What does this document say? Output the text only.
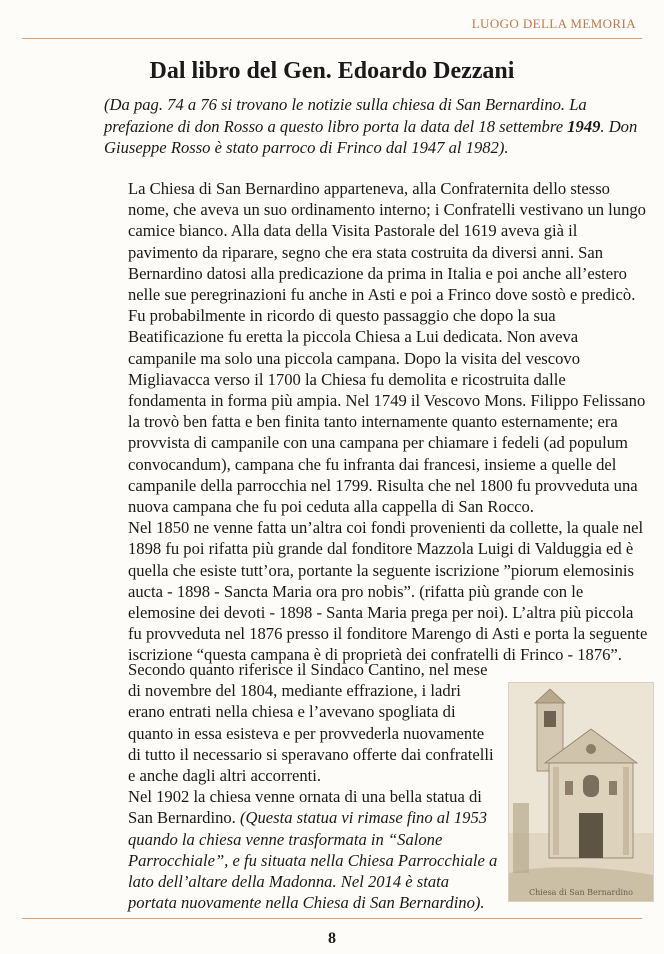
LUOGO DELLA MEMORIA
Dal libro del Gen. Edoardo Dezzani

(Da pag. 74 a 76 si trovano le notizie sulla chiesa di San Bernardino. La prefazione di don Rosso a questo libro porta la data del 18 settembre 1949. Don Giuseppe Rosso è stato parroco di Frinco dal 1947 al 1982).

La Chiesa di San Bernardino apparteneva, alla Confraternita dello stesso nome, che aveva un suo ordinamento interno; i Confratelli vestivano un lungo camice bianco. Alla data della Visita Pastorale del 1619 aveva già il pavimento da riparare, segno che era stata costruita da diversi anni. San Bernardino datosi alla predicazione da prima in Italia e poi anche all’estero nelle sue peregrinazioni fu anche in Asti e poi a Frinco dove sostò e predicò. Fu probabilmente in ricordo di questo passaggio che dopo la sua Beatificazione fu eretta la piccola Chiesa a Lui dedicata. Non aveva campanile ma solo una piccola campana. Dopo la visita del vescovo Migliavacca verso il 1700 la Chiesa fu demolita e ricostruita dalle fondamenta in forma più ampia. Nel 1749 il Vescovo Mons. Filippo Felissano la trovò ben fatta e ben finita tanto internamente quanto esternamente; era provvista di campanile con una campana per chiamare i fedeli (ad populum convocandum), campana che fu infranta dai francesi, insieme a quelle del campanile della parrocchia nel 1799. Risulta che nel 1800 fu provveduta una nuova campana che fu poi ceduta alla cappella di San Rocco.

Nel 1850 ne venne fatta un’altra coi fondi provenienti da collette, la quale nel 1898 fu poi rifatta più grande dal fonditore Mazzola Luigi di Valduggia ed è quella che esiste tutt’ora, portante la seguente iscrizione ”piorum elemosinis aucta - 1898 - Sancta Maria ora pro nobis”. (rifatta più grande con le elemosine dei devoti - 1898 - Santa Maria prega per noi). L’altra più piccola fu provveduta nel 1876 presso il fonditore Marengo di Asti e porta la seguente iscrizione “questa campana è di proprietà dei confratelli di Frinco - 1876”.

Secondo quanto riferisce il Sindaco Cantino, nel mese di novembre del 1804, mediante effrazione, i ladri erano entrati nella chiesa e l’avevano spogliata di quanto in essa esisteva e per provvederla nuovamente di tutto il necessario si speravano offerte dai confratelli e anche dagli altri accorrenti.

Nel 1902 la chiesa venne ornata di una bella statua di San Bernardino. (Questa statua vi rimase fino al 1953 quando la chiesa venne trasformata in “Salone Parrocchiale”, e fu situata nella Chiesa Parrocchiale a lato dell’altare della Madonna. Nel 2014 è stata portata nuovamente nella Chiesa di San Bernardino).

Chiesa di San Bernardino
8
